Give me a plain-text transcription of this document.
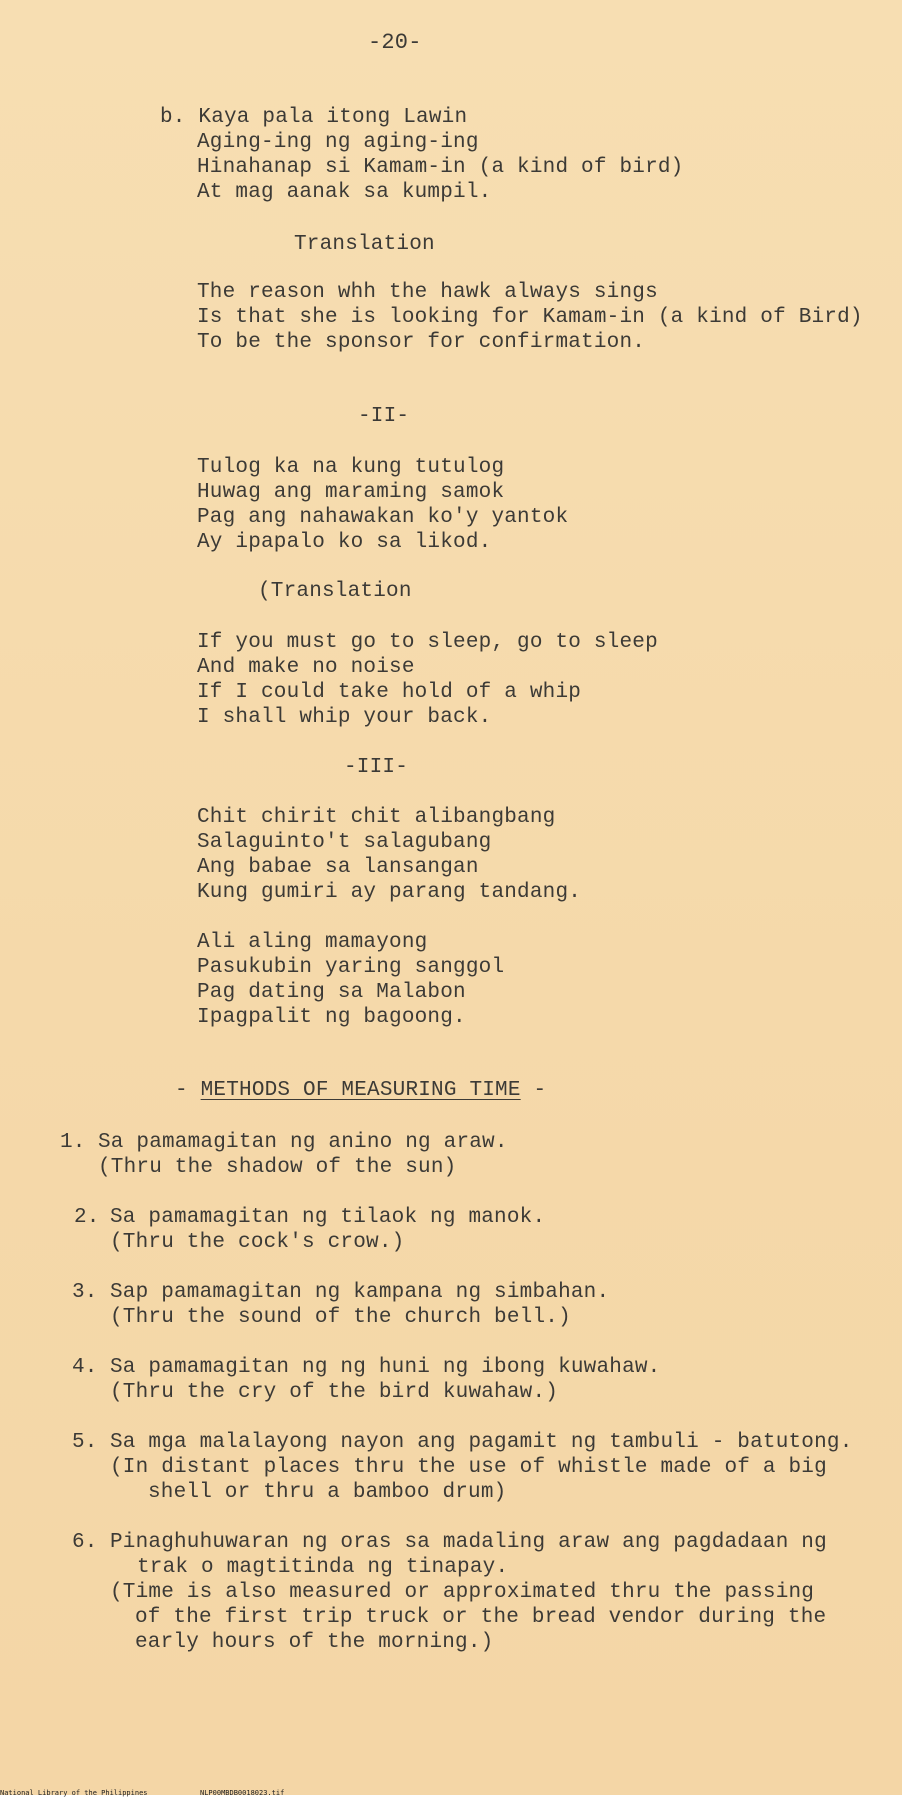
-20-
b. Kaya pala itong Lawin
Aging-ing ng aging-ing
Hinahanap si Kamam-in (a kind of bird)
At mag aanak sa kumpil.
Translation
The reason whh the hawk always sings
Is that she is looking for Kamam-in (a kind of Bird)
To be the sponsor for confirmation.
-II-
Tulog ka na kung tutulog
Huwag ang maraming samok
Pag ang nahawakan ko'y yantok
Ay ipapalo ko sa likod.
(Translation
If you must go to sleep, go to sleep
And make no noise
If I could take hold of a whip
I shall whip your back.
-III-
Chit chirit chit alibangbang
Salaguinto't salagubang
Ang babae sa lansangan
Kung gumiri ay parang tandang.
Ali aling mamayong
Pasukubin yaring sanggol
Pag dating sa Malabon
Ipagpalit ng bagoong.
- METHODS OF MEASURING TIME -
1. Sa pamamagitan ng anino ng araw.
(Thru the shadow of the sun)
2. Sa pamamagitan ng tilaok ng manok.
(Thru the cock's crow.)
3. Sap pamamagitan ng kampana ng simbahan.
(Thru the sound of the church bell.)
4. Sa pamamagitan ng ng huni ng ibong kuwahaw.
(Thru the cry of the bird kuwahaw.)
5. Sa mga malalayong nayon ang pagamit ng tambuli - batutong.
(In distant places thru the use of whistle made of a big
shell or thru a bamboo drum)
6. Pinaghuhuwaran ng oras sa madaling araw ang pagdadaan ng
trak o magtitinda ng tinapay.
(Time is also measured or approximated thru the passing
of the first trip truck or the bread vendor during the
early hours of the morning.)
National Library of the Philippines	NLP00MBDB0018023.tif
